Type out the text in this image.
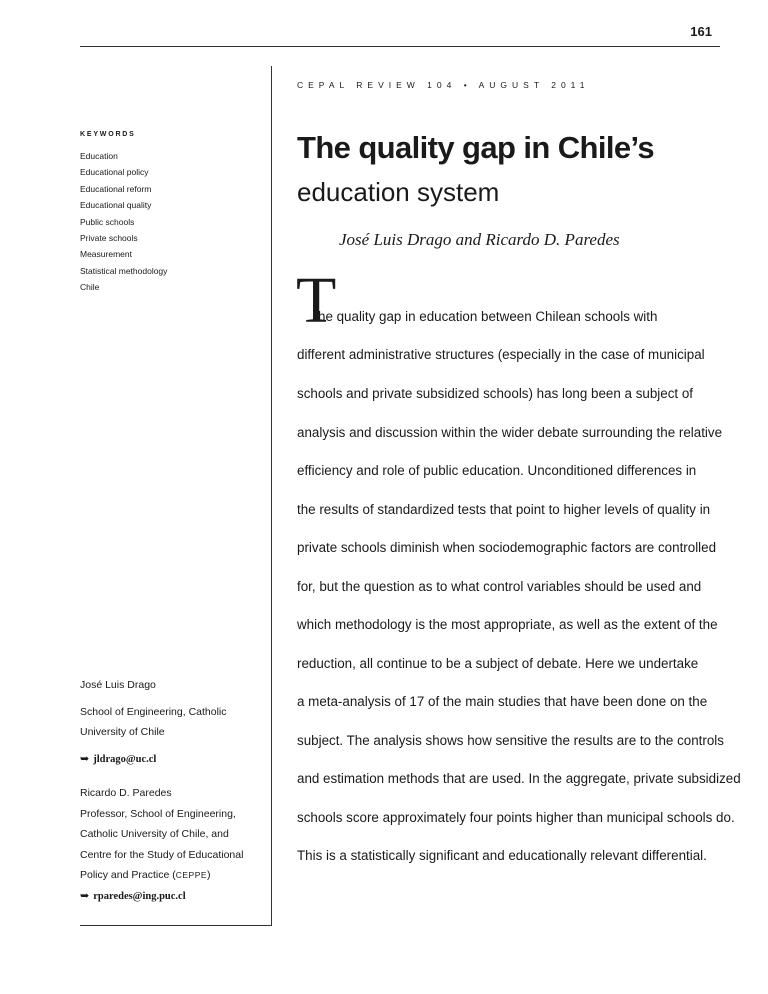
161
CEPAL REVIEW 104 • AUGUST 2011
KEYWORDS
Education
Educational policy
Educational reform
Educational quality
Public schools
Private schools
Measurement
Statistical methodology
Chile
José Luis Drago
School of Engineering, Catholic
University of Chile
➥ jldrago@uc.cl
Ricardo D. Paredes
Professor, School of Engineering,
Catholic University of Chile, and
Centre for the Study of Educational
Policy and Practice (CEPPE)
➥ rparedes@ing.puc.cl
The quality gap in Chile’s
education system
José Luis Drago and Ricardo D. Paredes
T
he quality gap in education between Chilean schools with
different administrative structures (especially in the case of municipal
schools and private subsidized schools) has long been a subject of
analysis and discussion within the wider debate surrounding the relative
efficiency and role of public education. Unconditioned differences in
the results of standardized tests that point to higher levels of quality in
private schools diminish when sociodemographic factors are controlled
for, but the question as to what control variables should be used and
which methodology is the most appropriate, as well as the extent of the
reduction, all continue to be a subject of debate. Here we undertake
a meta-analysis of 17 of the main studies that have been done on the
subject. The analysis shows how sensitive the results are to the controls
and estimation methods that are used. In the aggregate, private subsidized
schools score approximately four points higher than municipal schools do.
This is a statistically significant and educationally relevant differential.
